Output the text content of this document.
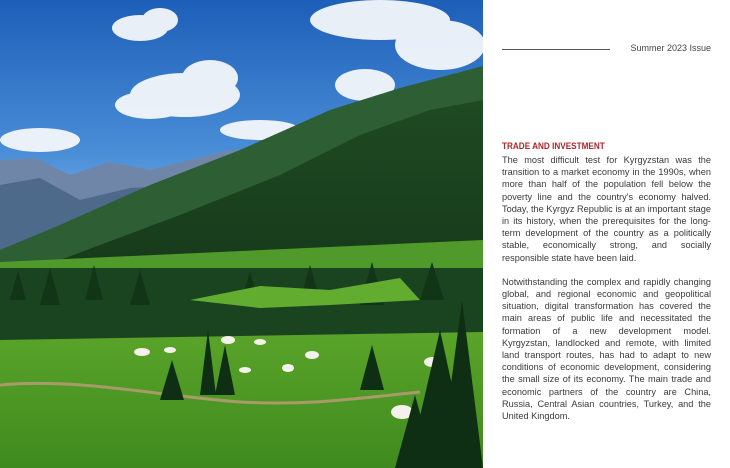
Summer 2023 Issue
TRADE AND INVESTMENT

The most difficult test for Kyrgyzstan was the transition to a market economy in the 1990s, when more than half of the population fell below the poverty line and the country's economy halved. Today, the Kyrgyz Republic is at an important stage in its history, when the prerequisites for the long-term development of the country as a politically stable, economically strong, and socially responsible state have been laid.

Notwithstanding the complex and rapidly changing global, and regional economic and geopolitical situation, digital transformation has covered the main areas of public life and necessitated the formation of a new development model. Kyrgyzstan, landlocked and remote, with limited land transport routes, has had to adapt to new conditions of economic development, considering the small size of its economy. The main trade and economic partners of the country are China, Russia, Central Asian countries, Turkey, and the United Kingdom.
